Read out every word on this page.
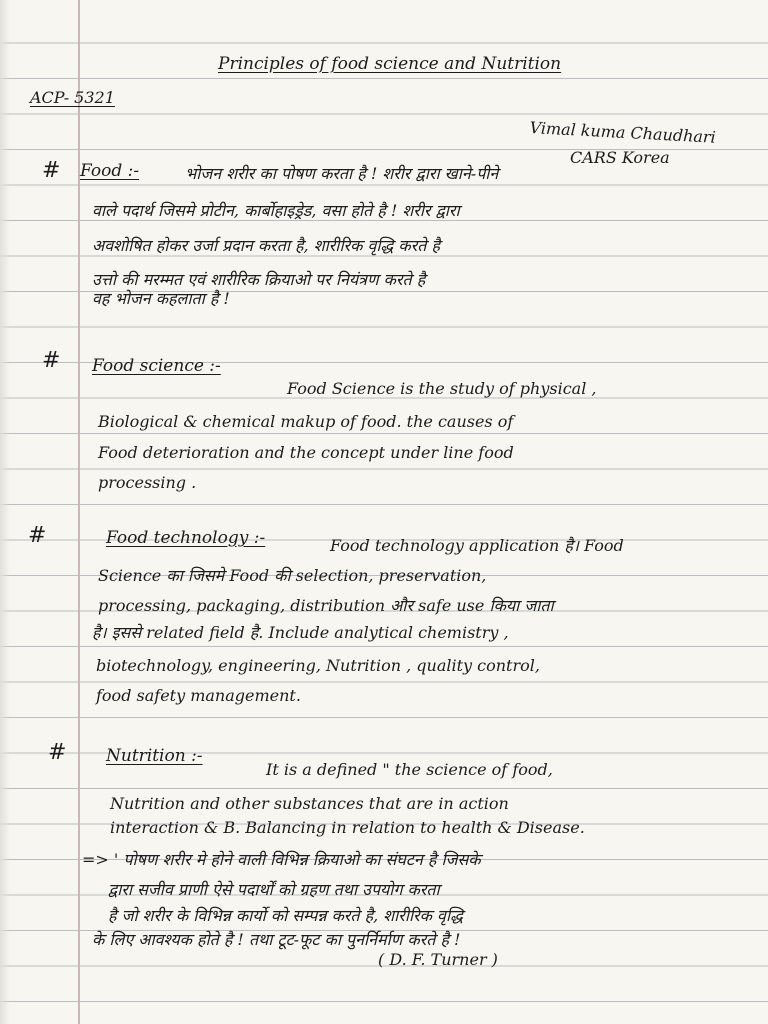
Principles of food science and Nutrition
ACP- 5321
Vimal kuma Chaudhari
CARS Korea
# Food :-	भोजन शरीर का पोषण करता है ! शरीर द्वारा खाने-पीने
वाले पदार्थ जिसमे प्रोटीन, कार्बोहाइड्रेड, वसा होते है ! शरीर द्वारा
अवशोषित होकर उर्जा प्रदान करता है, शारीरिक वृद्धि करते है
उत्तो की मरम्मत एवं शारीरिक क्रियाओ पर नियंत्रण करते है
वह भोजन कहलाता है !
# Food science :-
Food Science is the study of physical ,
Biological & chemical makup of food. the causes of
Food deterioration and the concept under line food
processing .
#	Food technology :-	Food technology application है। Food
Science का जिसमे Food की selection, preservation,
processing, packaging, distribution और safe use किया जाता
है। इससे related field है. Include analytical chemistry ,
biotechnology, engineering, Nutrition , quality control,
food safety management.
# Nutrition :-
It is a defined " the science of food,
Nutrition and other substances that are in action
interaction & B. Balancing in relation to health & Disease.
=> ' पोषण शरीर मे होने वाली विभिन्न क्रियाओ का संघटन है जिसके
द्वारा सजीव प्राणी ऐसे पदार्थों को ग्रहण तथा उपयोग करता
है जो शरीर के विभिन्न कार्यो को सम्पन्न करते है, शारीरिक वृद्धि
के लिए आवश्यक होते है ! तथा टूट-फूट का पुनर्निर्माण करते है !
( D. F. Turner )
